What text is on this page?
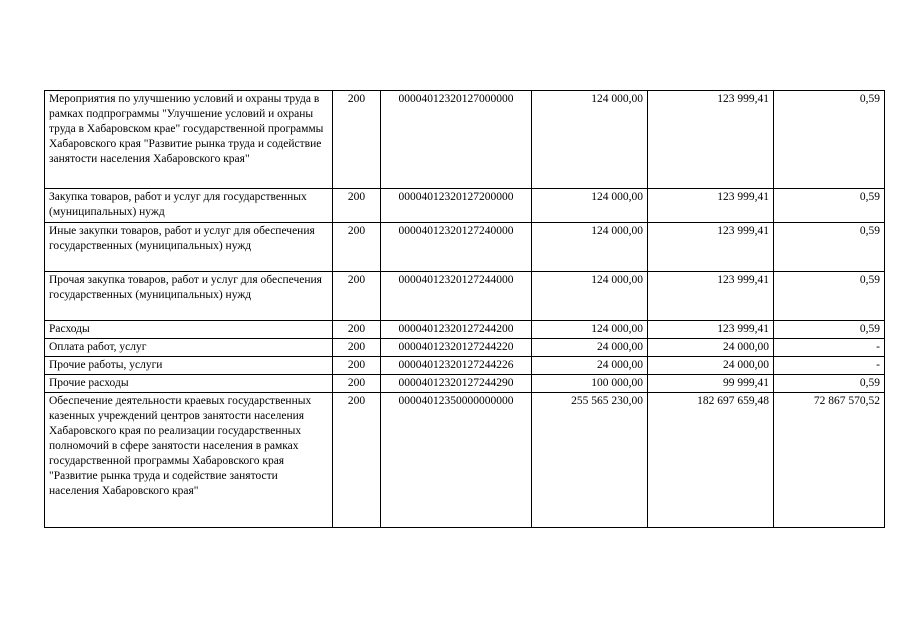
Мероприятия по улучшению условий и охраны труда в рамках подпрограммы "Улучшение условий и охраны труда в Хабаровском крае" государственной программы Хабаровского края "Развитие рынка труда и содействие занятости населения Хабаровского края"	200	00004012320127000000	124 000,00	123 999,41	0,59
Закупка товаров, работ и услуг для государственных (муниципальных) нужд	200	00004012320127200000	124 000,00	123 999,41	0,59
Иные закупки товаров, работ и услуг для обеспечения государственных (муниципальных) нужд	200	00004012320127240000	124 000,00	123 999,41	0,59
Прочая закупка товаров, работ и услуг для обеспечения государственных (муниципальных) нужд	200	00004012320127244000	124 000,00	123 999,41	0,59
Расходы	200	00004012320127244200	124 000,00	123 999,41	0,59
Оплата работ, услуг	200	00004012320127244220	24 000,00	24 000,00	-
Прочие работы, услуги	200	00004012320127244226	24 000,00	24 000,00	-
Прочие расходы	200	00004012320127244290	100 000,00	99 999,41	0,59
Обеспечение деятельности краевых государственных казенных учреждений центров занятости населения Хабаровского края по реализации государственных полномочий в сфере занятости населения в рамках государственной программы Хабаровского края "Развитие рынка труда и содействие занятости населения Хабаровского края"	200	00004012350000000000	255 565 230,00	182 697 659,48	72 867 570,52
